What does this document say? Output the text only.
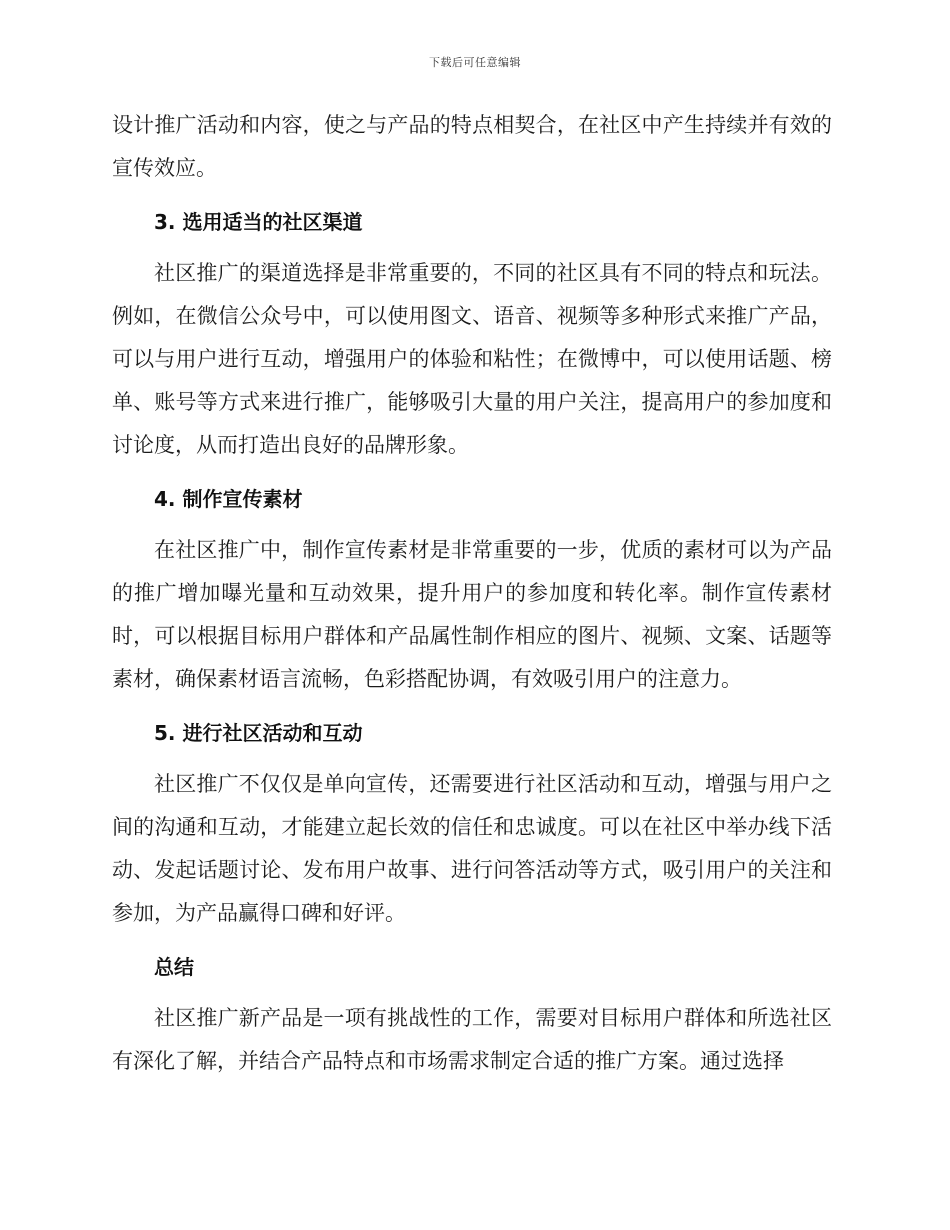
下载后可任意编辑

设计推广活动和内容，使之与产品的特点相契合，在社区中产生持续并有效的宣传效应。

3. 选用适当的社区渠道

社区推广的渠道选择是非常重要的，不同的社区具有不同的特点和玩法。例如，在微信公众号中，可以使用图文、语音、视频等多种形式来推广产品，可以与用户进行互动，增强用户的体验和粘性；在微博中，可以使用话题、榜单、账号等方式来进行推广，能够吸引大量的用户关注，提高用户的参加度和讨论度，从而打造出良好的品牌形象。

4. 制作宣传素材

在社区推广中，制作宣传素材是非常重要的一步，优质的素材可以为产品的推广增加曝光量和互动效果，提升用户的参加度和转化率。制作宣传素材时，可以根据目标用户群体和产品属性制作相应的图片、视频、文案、话题等素材，确保素材语言流畅，色彩搭配协调，有效吸引用户的注意力。

5. 进行社区活动和互动

社区推广不仅仅是单向宣传，还需要进行社区活动和互动，增强与用户之间的沟通和互动，才能建立起长效的信任和忠诚度。可以在社区中举办线下活动、发起话题讨论、发布用户故事、进行问答活动等方式，吸引用户的关注和参加，为产品赢得口碑和好评。

总结

社区推广新产品是一项有挑战性的工作，需要对目标用户群体和所选社区有深化了解，并结合产品特点和市场需求制定合适的推广方案。通过选择
